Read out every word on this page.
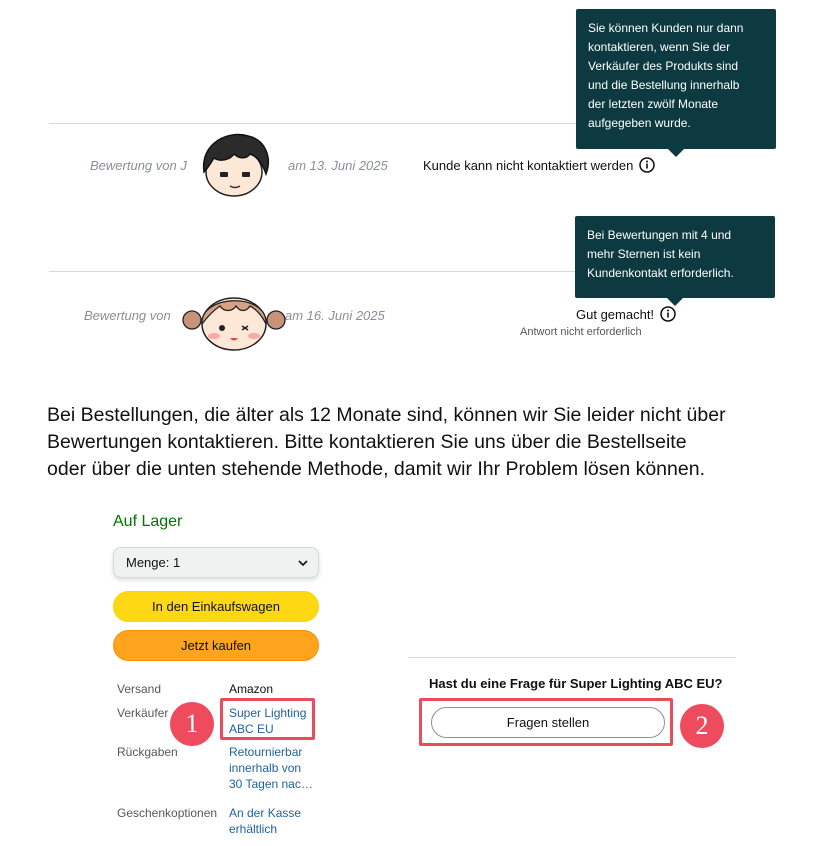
Bewertung von J	am 13. Juni 2025
Sie können Kunden nur dann
kontaktieren, wenn Sie der
Verkäufer des Produkts sind
und die Bestellung innerhalb
der letzten zwölf Monate
aufgegeben wurde.
Kunde kann nicht kontaktiert werden
Bewertung von	am 16. Juni 2025
Bei Bewertungen mit 4 und
mehr Sternen ist kein
Kundenkontakt erforderlich.
Gut gemacht!
Antwort nicht erforderlich
Bei Bestellungen, die älter als 12 Monate sind, können wir Sie leider nicht über
Bewertungen kontaktieren. Bitte kontaktieren Sie uns über die Bestellseite
oder über die unten stehende Methode, damit wir Ihr Problem lösen können.
Auf Lager
Menge: 1
In den Einkaufswagen
Jetzt kaufen
Versand	Amazon
Verkäufer	Super Lighting
ABC EU
Rückgaben	Retournierbar
innerhalb von
30 Tagen nac…
Geschenkoptionen An der Kasse
erhältlich
1
Hast du eine Frage für Super Lighting ABC EU?
Fragen stellen	2
